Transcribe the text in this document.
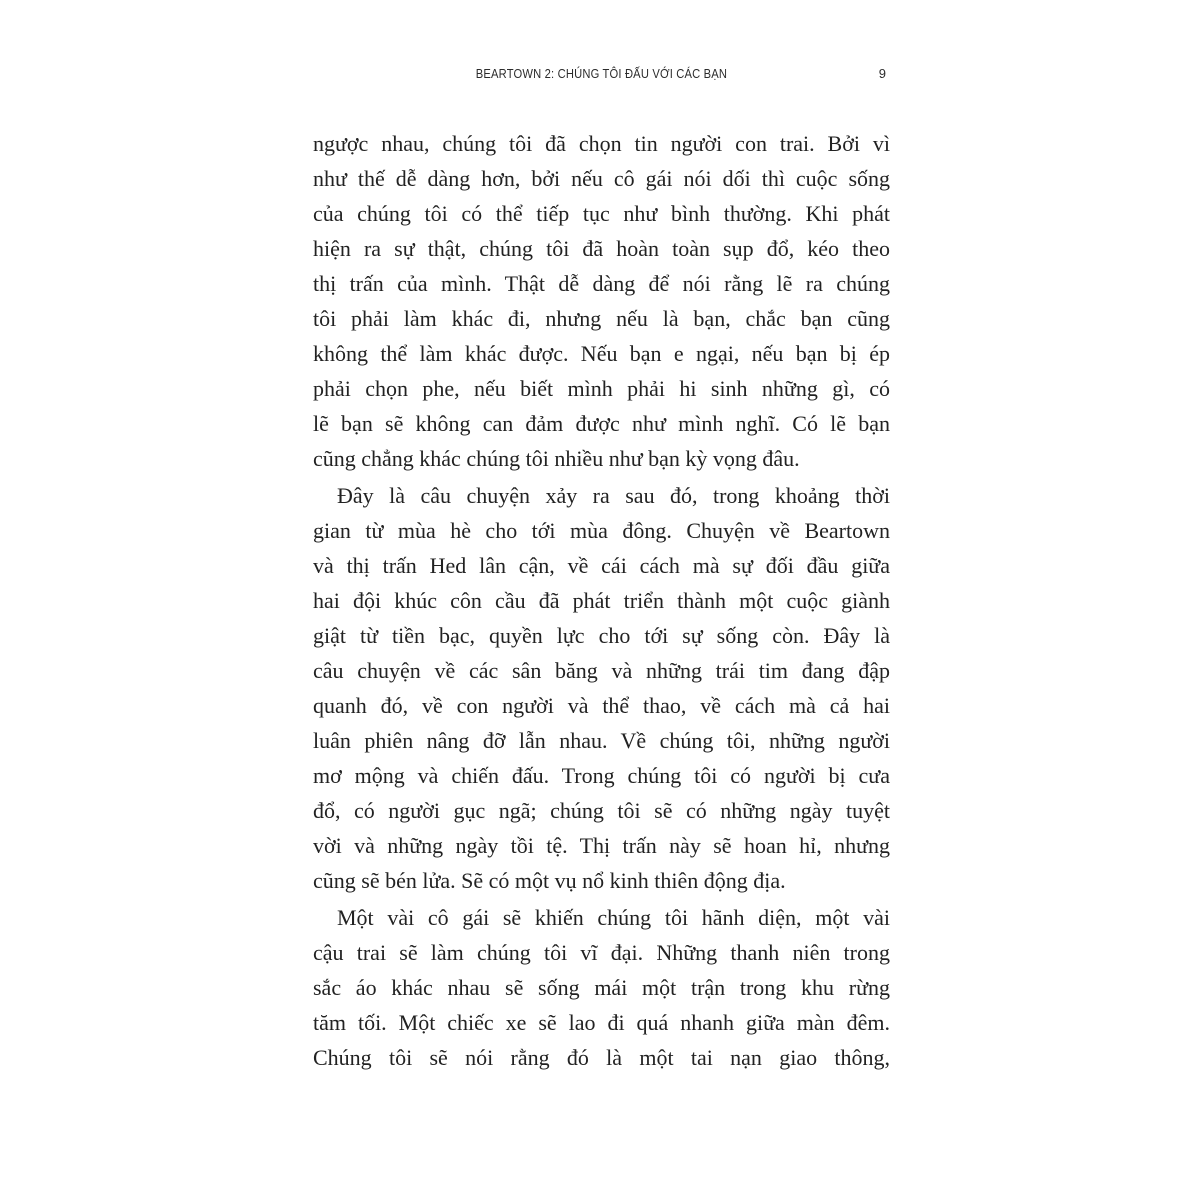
BEARTOWN 2: CHÚNG TÔI ĐẤU VỚI CÁC BẠN	9

ngược nhau, chúng tôi đã chọn tin người con trai. Bởi vì
như thế dễ dàng hơn, bởi nếu cô gái nói dối thì cuộc sống
của chúng tôi có thể tiếp tục như bình thường. Khi phát
hiện ra sự thật, chúng tôi đã hoàn toàn sụp đổ, kéo theo
thị trấn của mình. Thật dễ dàng để nói rằng lẽ ra chúng
tôi phải làm khác đi, nhưng nếu là bạn, chắc bạn cũng
không thể làm khác được. Nếu bạn e ngại, nếu bạn bị ép
phải chọn phe, nếu biết mình phải hi sinh những gì, có
lẽ bạn sẽ không can đảm được như mình nghĩ. Có lẽ bạn
cũng chẳng khác chúng tôi nhiều như bạn kỳ vọng đâu.

Đây là câu chuyện xảy ra sau đó, trong khoảng thời
gian từ mùa hè cho tới mùa đông. Chuyện về Beartown
và thị trấn Hed lân cận, về cái cách mà sự đối đầu giữa
hai đội khúc côn cầu đã phát triển thành một cuộc giành
giật từ tiền bạc, quyền lực cho tới sự sống còn. Đây là
câu chuyện về các sân băng và những trái tim đang đập
quanh đó, về con người và thể thao, về cách mà cả hai
luân phiên nâng đỡ lẫn nhau. Về chúng tôi, những người
mơ mộng và chiến đấu. Trong chúng tôi có người bị cưa
đổ, có người gục ngã; chúng tôi sẽ có những ngày tuyệt
vời và những ngày tồi tệ. Thị trấn này sẽ hoan hỉ, nhưng
cũng sẽ bén lửa. Sẽ có một vụ nổ kinh thiên động địa.

Một vài cô gái sẽ khiến chúng tôi hãnh diện, một vài
cậu trai sẽ làm chúng tôi vĩ đại. Những thanh niên trong
sắc áo khác nhau sẽ sống mái một trận trong khu rừng
tăm tối. Một chiếc xe sẽ lao đi quá nhanh giữa màn đêm.
Chúng tôi sẽ nói rằng đó là một tai nạn giao thông,
